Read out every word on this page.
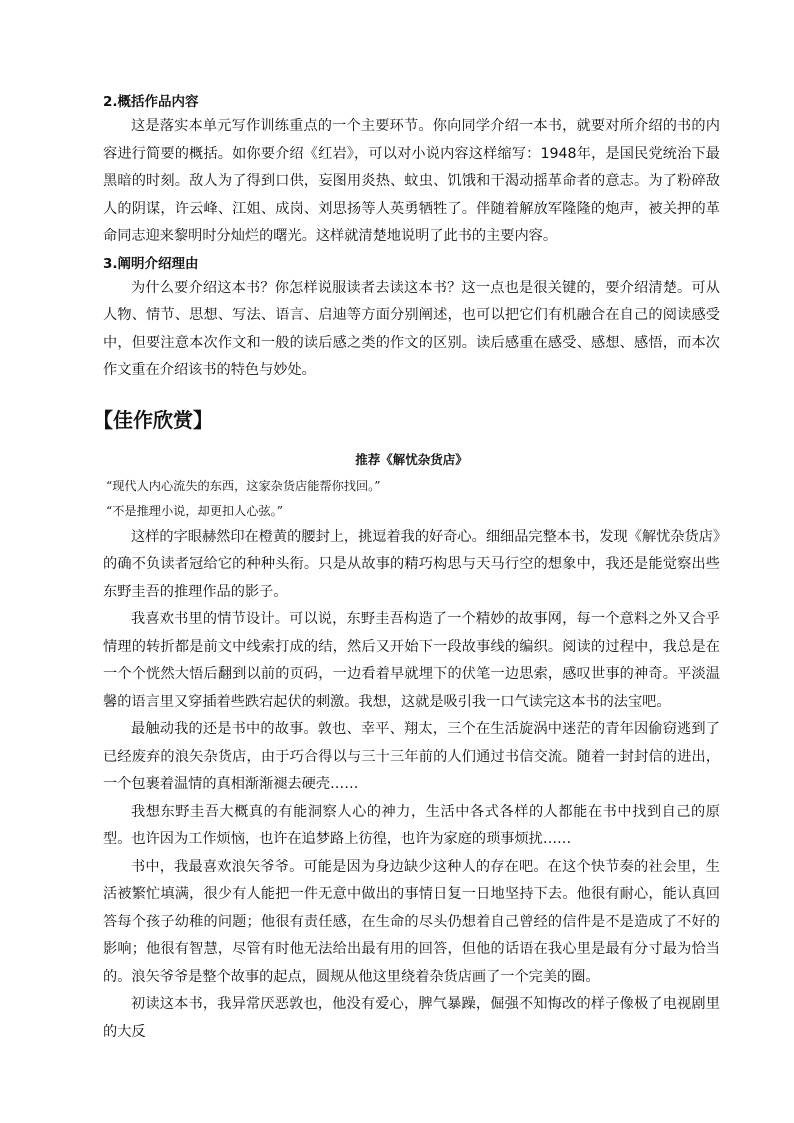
2.概括作品内容

这是落实本单元写作训练重点的一个主要环节。你向同学介绍一本书，就要对所介绍的书的内容进行简要的概括。如你要介绍《红岩》，可以对小说内容这样缩写：1948年，是国民党统治下最黑暗的时刻。敌人为了得到口供，妄图用炎热、蚊虫、饥饿和干渴动摇革命者的意志。为了粉碎敌人的阴谋，许云峰、江姐、成岗、刘思扬等人英勇牺牲了。伴随着解放军隆隆的炮声，被关押的革命同志迎来黎明时分灿烂的曙光。这样就清楚地说明了此书的主要内容。

3.阐明介绍理由

为什么要介绍这本书？你怎样说服读者去读这本书？这一点也是很关键的，要介绍清楚。可从人物、情节、思想、写法、语言、启迪等方面分别阐述，也可以把它们有机融合在自己的阅读感受中，但要注意本次作文和一般的读后感之类的作文的区别。读后感重在感受、感想、感悟，而本次作文重在介绍该书的特色与妙处。

【佳作欣赏】
推荐《解忧杂货店》

“现代人内心流失的东西，这家杂货店能帮你找回。”

“不是推理小说，却更扣人心弦。”

这样的字眼赫然印在橙黄的腰封上，挑逗着我的好奇心。细细品完整本书，发现《解忧杂货店》的确不负读者冠给它的种种头衔。只是从故事的精巧构思与天马行空的想象中，我还是能觉察出些东野圭吾的推理作品的影子。

我喜欢书里的情节设计。可以说，东野圭吾构造了一个精妙的故事网，每一个意料之外又合乎情理的转折都是前文中线索打成的结，然后又开始下一段故事线的编织。阅读的过程中，我总是在一个个恍然大悟后翻到以前的页码，一边看着早就埋下的伏笔一边思索，感叹世事的神奇。平淡温馨的语言里又穿插着些跌宕起伏的刺激。我想，这就是吸引我一口气读完这本书的法宝吧。

最触动我的还是书中的故事。敦也、幸平、翔太，三个在生活旋涡中迷茫的青年因偷窃逃到了已经废弃的浪矢杂货店，由于巧合得以与三十三年前的人们通过书信交流。随着一封封信的进出，一个包裹着温情的真相渐渐褪去硬壳……

我想东野圭吾大概真的有能洞察人心的神力，生活中各式各样的人都能在书中找到自己的原型。也许因为工作烦恼，也许在追梦路上彷徨，也许为家庭的琐事烦扰……

书中，我最喜欢浪矢爷爷。可能是因为身边缺少这种人的存在吧。在这个快节奏的社会里，生活被繁忙填满，很少有人能把一件无意中做出的事情日复一日地坚持下去。他很有耐心，能认真回答每个孩子幼稚的问题；他很有责任感，在生命的尽头仍想着自己曾经的信件是不是造成了不好的影响；他很有智慧，尽管有时他无法给出最有用的回答，但他的话语在我心里是最有分寸最为恰当的。浪矢爷爷是整个故事的起点，圆规从他这里绕着杂货店画了一个完美的圈。

初读这本书，我异常厌恶敦也，他没有爱心，脾气暴躁，倔强不知悔改的样子像极了电视剧里的大反
